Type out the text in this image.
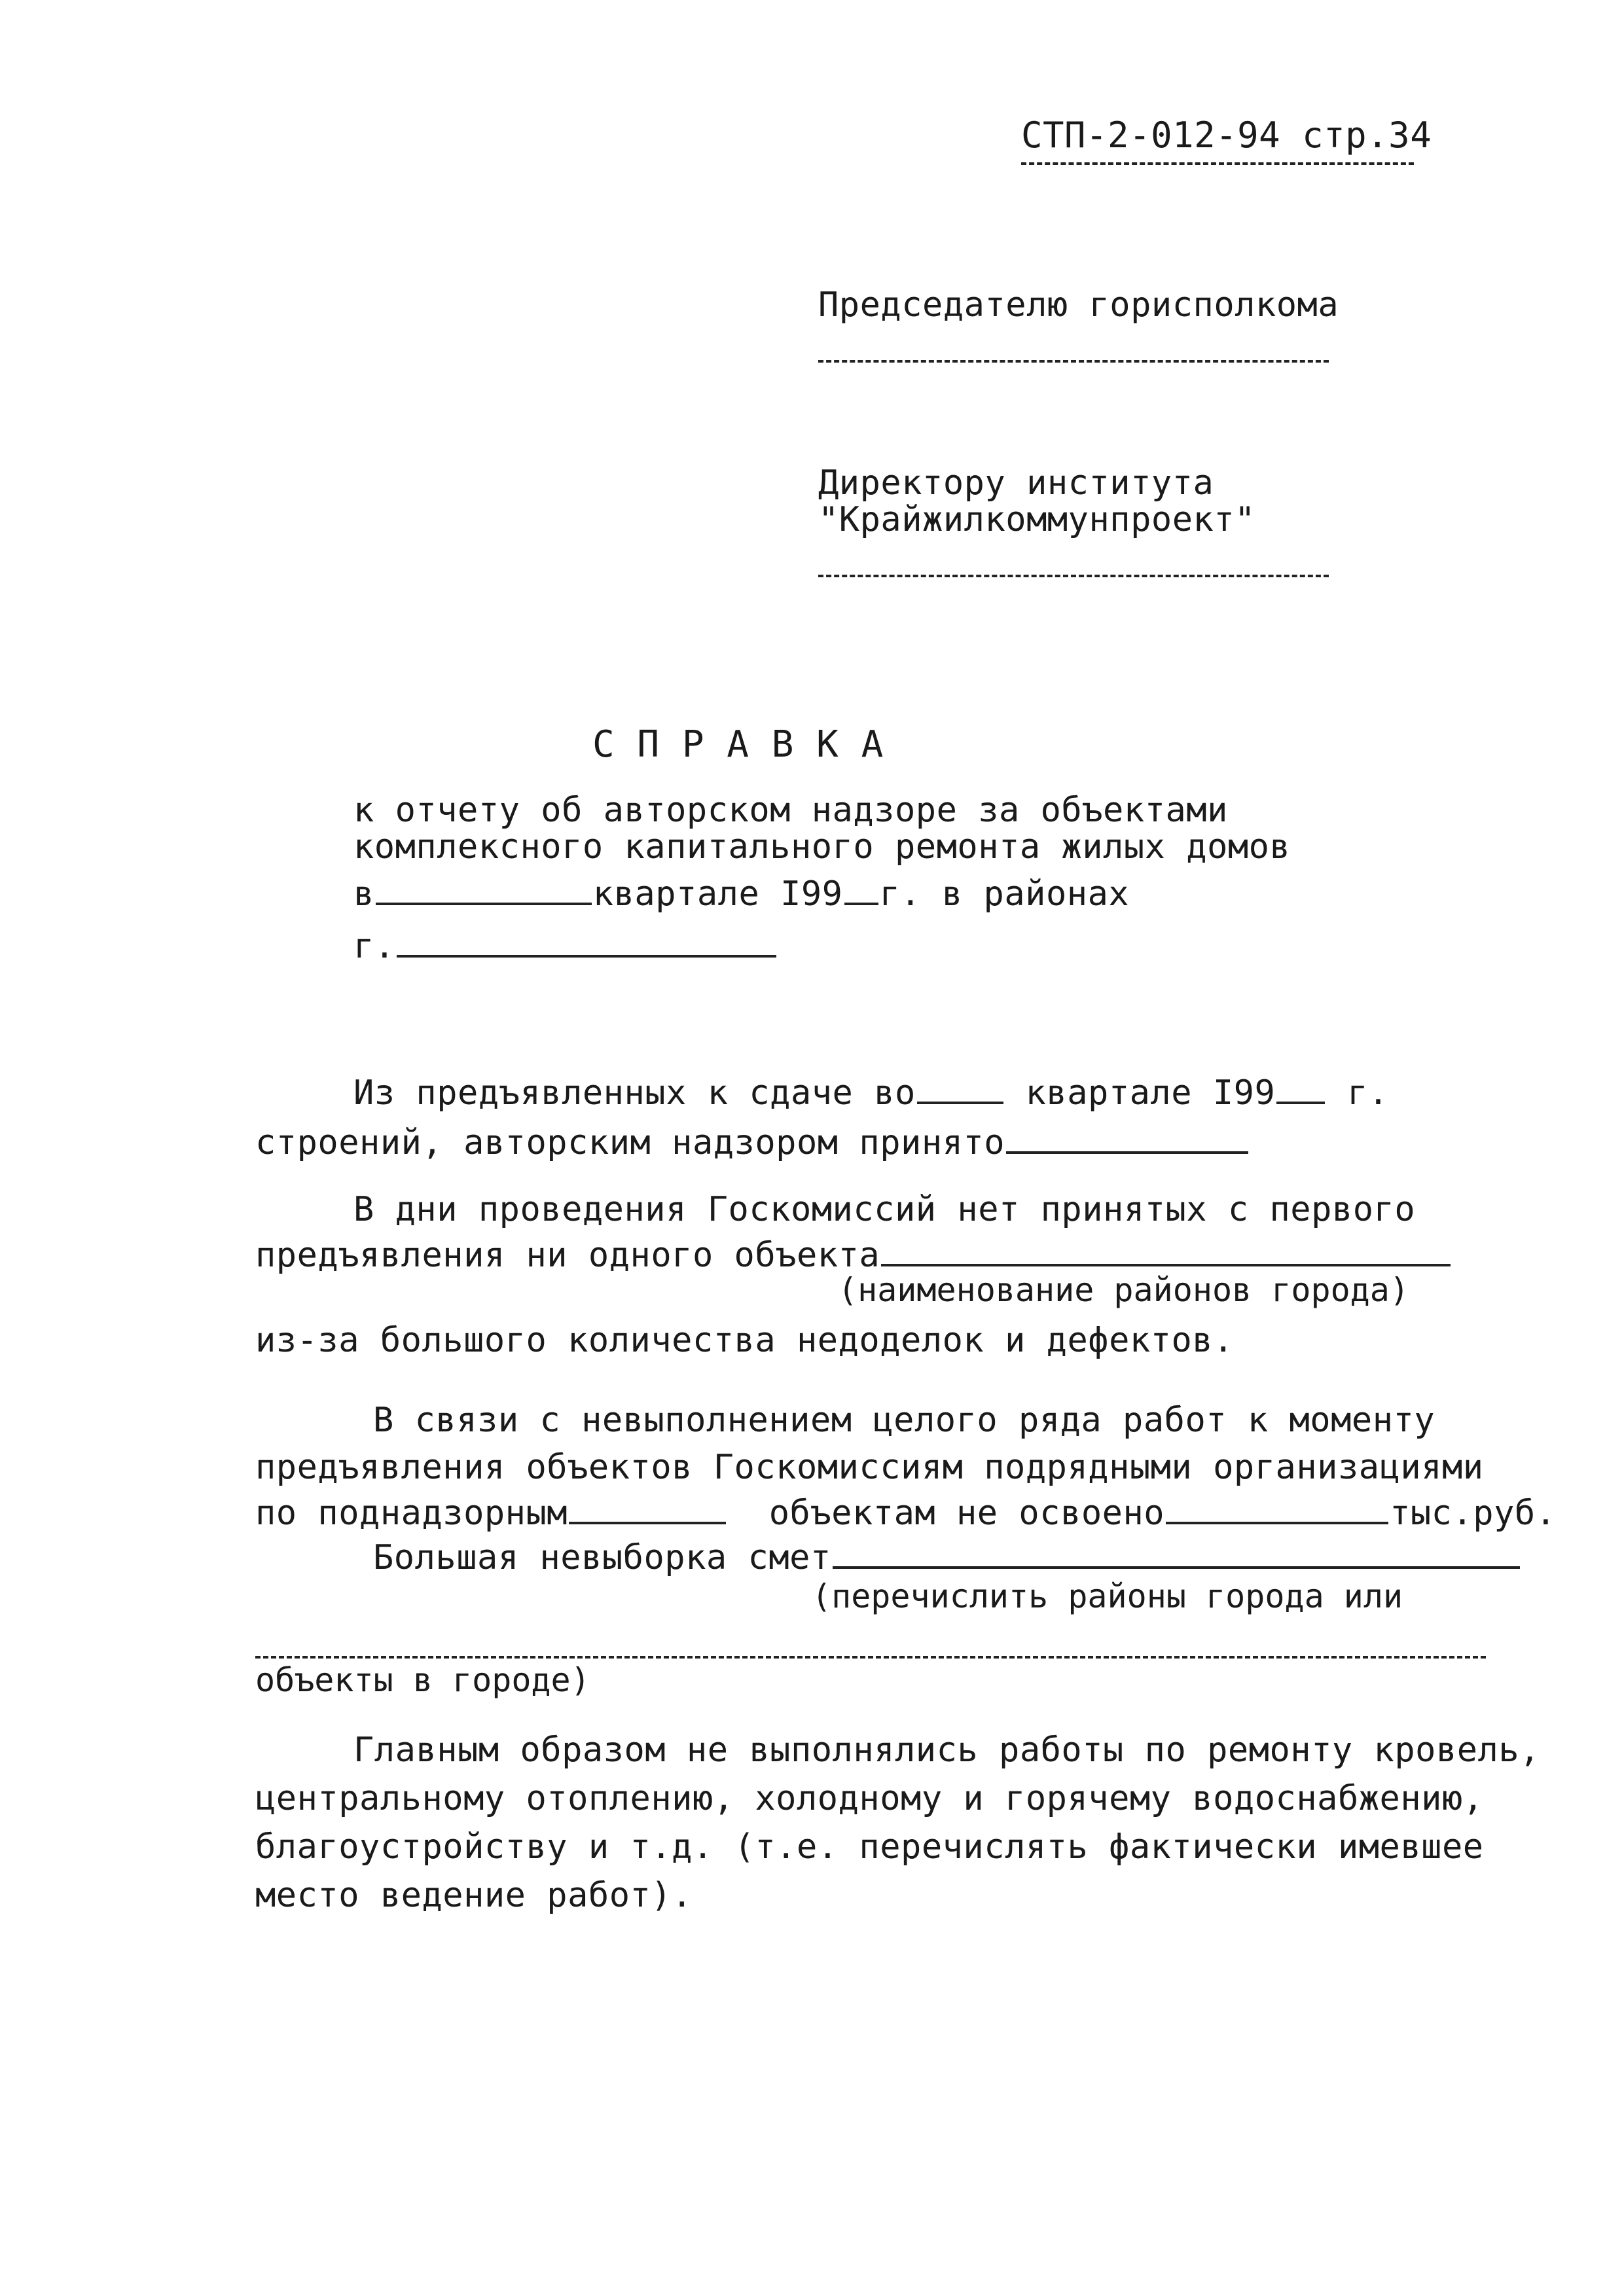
СТП-2-012-94 стр.34
Председателю горисполкома
Директору института
"Крайжилкоммунпроект"
С П Р А В К А
к отчету об авторском надзоре за объектами
комплексного капитального ремонта жилых домов
в	квартале I99 г. в районах
г.
Из предъявленных к сдаче во	квартале I99 г.
строений, авторским надзором принято
В дни проведения Госкомиссий нет принятых с первого
предъявления ни одного объекта
(наименование районов города)
из-за большого количества недоделок и дефектов.
В связи с невыполнением целого ряда работ к моменту
предъявления объектов Госкомиссиям подрядными организациями
по поднадзорным	объектам не освоено	тыс.руб.
Большая невыборка смет
(перечислить районы города или
объекты в городе)
Главным образом не выполнялись работы по ремонту кровель,
центральному отоплению, холодному и горячему водоснабжению,
благоустройству и т.д. (т.е. перечислять фактически имевшее
место ведение работ).
